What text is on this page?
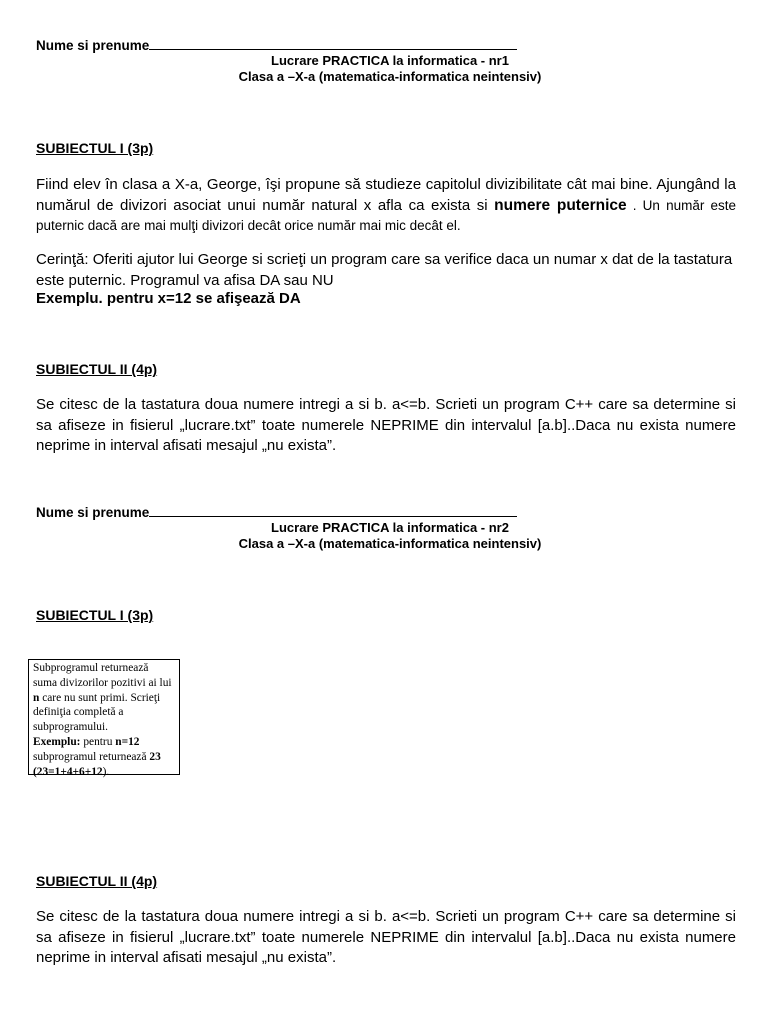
Nume si prenume
Lucrare PRACTICA la informatica - nr1
Clasa a –X-a (matematica-informatica neintensiv)
SUBIECTUL I (3p)
Fiind elev în clasa a X-a, George, îşi propune să studieze capitolul divizibilitate cât mai bine. Ajungând la numărul de divizori asociat unui număr natural x afla ca exista si numere puternice . Un număr este puternic dacă are mai mulţi divizori decât orice număr mai mic decât el.
Cerinţă: Oferiti ajutor lui George si scrieţi un program care sa verifice daca un numar x dat de la tastatura este puternic. Programul va afisa DA sau NU
Exemplu. pentru x=12 se afişează DA
SUBIECTUL II (4p)
Se citesc de la tastatura doua numere intregi a si b. a<=b. Scrieti un program C++ care sa determine si sa afiseze in fisierul „lucrare.txt” toate numerele NEPRIME din intervalul [a.b]..Daca nu exista numere neprime in interval afisati mesajul „nu exista”.
Nume si prenume
Lucrare PRACTICA la informatica - nr2
Clasa a –X-a (matematica-informatica neintensiv)
SUBIECTUL I (3p)
Subprogramul returnează suma divizorilor pozitivi ai lui n care nu sunt primi. Scrieţi definiţia completă a subprogramului.
Exemplu: pentru n=12 subprogramul returnează 23 (23=1+4+6+12).
SUBIECTUL II (4p)
Se citesc de la tastatura doua numere intregi a si b. a<=b. Scrieti un program C++ care sa determine si sa afiseze in fisierul „lucrare.txt” toate numerele NEPRIME din intervalul [a.b]..Daca nu exista numere neprime in interval afisati mesajul „nu exista”.
